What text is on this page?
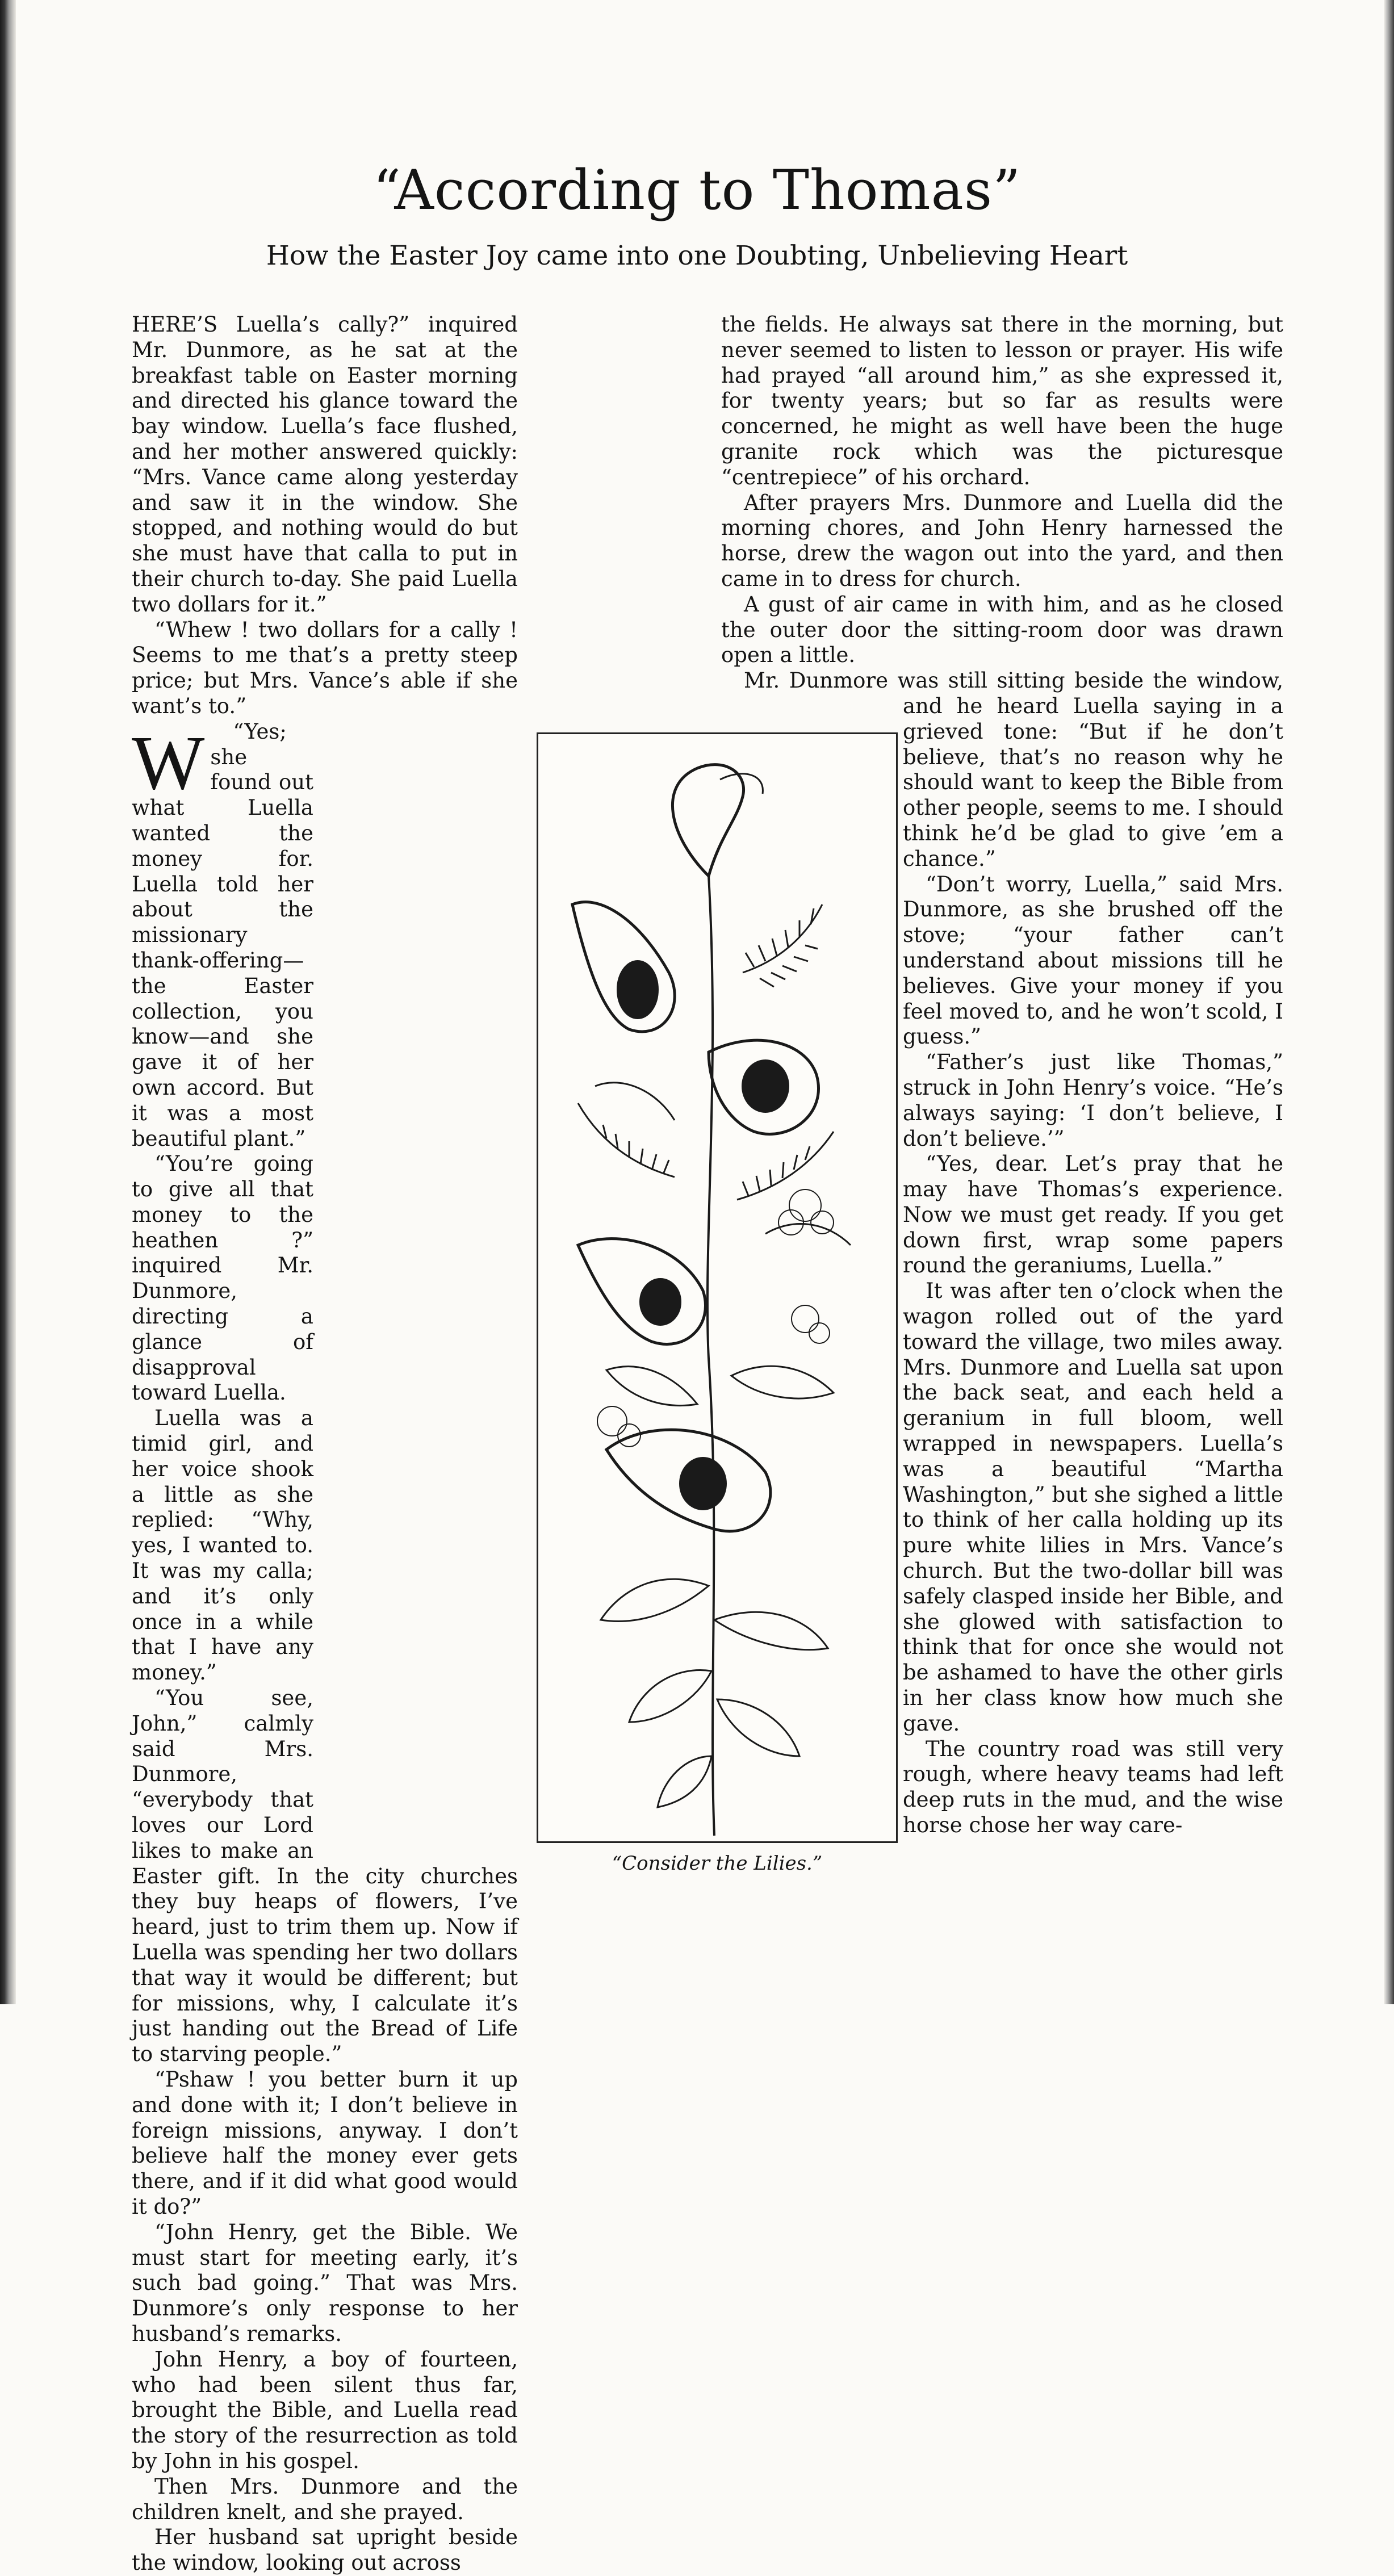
“According to Thomas”
How the Easter Joy came into one Doubting, Unbelieving Heart

W
HERE’S Luella’s cally?” inquired Mr. Dunmore, as he sat at the breakfast table on Easter morning and directed his glance toward the bay window. Luella’s face flushed, and her mother answered quickly: “Mrs. Vance came along yesterday and saw it in the window. She stopped, and nothing would do but she must have that calla to put in their church to-day. She paid Luella two dollars for it.”

“Whew ! two dollars for a cally ! Seems to me that’s a pretty steep price; but Mrs. Vance’s able if she want’s to.”

“Yes; she found out what Luella wanted the money for. Luella told her about the missionary thank-offering—the Easter collection, you know—and she gave it of her own accord. But it was a most beautiful plant.”

“You’re going to give all that money to the heathen ?” inquired Mr. Dunmore, directing a glance of disapproval toward Luella.

Luella was a timid girl, and her voice shook a little as she replied: “Why, yes, I wanted to. It was my calla; and it’s only once in a while that I have any money.”

“You see, John,” calmly said Mrs. Dunmore, “everybody that loves our Lord likes to make an Easter gift. In the city churches they buy heaps of flowers, I’ve heard, just to trim them up. Now if Luella was spending her two dollars that way it would be different; but for missions, why, I calculate it’s just handing out the Bread of Life to starving people.”

“Pshaw ! you better burn it up and done with it; I don’t believe in foreign missions, anyway. I don’t believe half the money ever gets there, and if it did what good would it do?”

“John Henry, get the Bible. We must start for meeting early, it’s such bad going.” That was Mrs. Dunmore’s only response to her husband’s remarks.

John Henry, a boy of fourteen, who had been silent thus far, brought the Bible, and Luella read the story of the resurrection as told by John in his gospel.

Then Mrs. Dunmore and the children knelt, and she prayed.

Her husband sat upright beside the window, looking out across

the fields. He always sat there in the morning, but never seemed to listen to lesson or prayer. His wife had prayed “all around him,” as she expressed it, for twenty years; but so far as results were concerned, he might as well have been the huge granite rock which was the picturesque “centrepiece” of his orchard.

After prayers Mrs. Dunmore and Luella did the morning chores, and John Henry harnessed the horse, drew the wagon out into the yard, and then came in to dress for church.

A gust of air came in with him, and as he closed the outer door the sitting-room door was drawn open a little.

Mr. Dunmore was still sitting beside the window, and he heard Luella saying in a grieved tone: “But if he don’t believe, that’s no reason why he should want to keep the Bible from other people, seems to me. I should think he’d be glad to give ’em a chance.”

“Don’t worry, Luella,” said Mrs. Dunmore, as she brushed off the stove; “your father can’t understand about missions till he believes. Give your money if you feel moved to, and he won’t scold, I guess.”

“Father’s just like Thomas,” struck in John Henry’s voice. “He’s always saying: ‘I don’t believe, I don’t believe.’”

“Yes, dear. Let’s pray that he may have Thomas’s experience. Now we must get ready. If you get down first, wrap some papers round the geraniums, Luella.”

It was after ten o’clock when the wagon rolled out of the yard toward the village, two miles away. Mrs. Dunmore and Luella sat upon the back seat, and each held a geranium in full bloom, well wrapped in newspapers. Luella’s was a beautiful “Martha Washington,” but she sighed a little to think of her calla holding up its pure white lilies in Mrs. Vance’s church. But the two-dollar bill was safely clasped inside her Bible, and she glowed with satisfaction to think that for once she would not be ashamed to have the other girls in her class know how much she gave.

The country road was still very rough, where heavy teams had left deep ruts in the mud, and the wise horse chose her way care-

“Consider the Lilies.”
